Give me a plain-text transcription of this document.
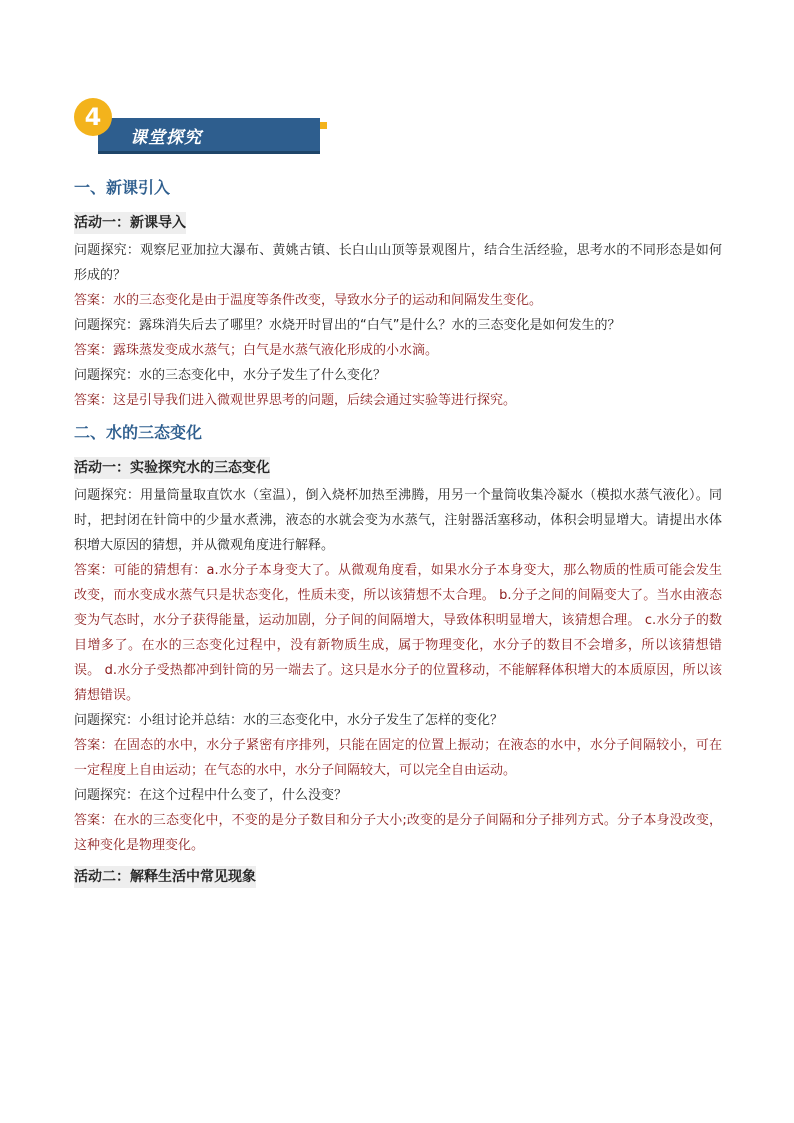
课堂探究
4
一、新课引入
活动一：新课导入

问题探究：观察尼亚加拉大瀑布、黄姚古镇、长白山山顶等景观图片，结合生活经验，思考水的不同形态是如何形成的？

答案：水的三态变化是由于温度等条件改变，导致水分子的运动和间隔发生变化。

问题探究：露珠消失后去了哪里？水烧开时冒出的“白气”是什么？水的三态变化是如何发生的？

答案：露珠蒸发变成水蒸气；白气是水蒸气液化形成的小水滴。

问题探究：水的三态变化中，水分子发生了什么变化？

答案：这是引导我们进入微观世界思考的问题，后续会通过实验等进行探究。

二、水的三态变化
活动一：实验探究水的三态变化

问题探究：用量筒量取直饮水（室温），倒入烧杯加热至沸腾，用另一个量筒收集冷凝水（模拟水蒸气液化）。同时，把封闭在针筒中的少量水煮沸，液态的水就会变为水蒸气，注射器活塞移动，体积会明显增大。请提出水体积增大原因的猜想，并从微观角度进行解释。

答案：可能的猜想有：a.水分子本身变大了。从微观角度看，如果水分子本身变大，那么物质的性质可能会发生改变，而水变成水蒸气只是状态变化，性质未变，所以该猜想不太合理。 b.分子之间的间隔变大了。当水由液态变为气态时，水分子获得能量，运动加剧，分子间的间隔增大，导致体积明显增大，该猜想合理。 c.水分子的数目增多了。在水的三态变化过程中，没有新物质生成，属于物理变化，水分子的数目不会增多，所以该猜想错误。 d.水分子受热都冲到针筒的另一端去了。这只是水分子的位置移动，不能解释体积增大的本质原因，所以该猜想错误。

问题探究：小组讨论并总结：水的三态变化中，水分子发生了怎样的变化？

答案：在固态的水中，水分子紧密有序排列，只能在固定的位置上振动；在液态的水中，水分子间隔较小，可在一定程度上自由运动；在气态的水中，水分子间隔较大，可以完全自由运动。

问题探究：在这个过程中什么变了，什么没变？

答案：在水的三态变化中，不变的是分子数目和分子大小;改变的是分子间隔和分子排列方式。分子本身没改变，这种变化是物理变化。

活动二：解释生活中常见现象
